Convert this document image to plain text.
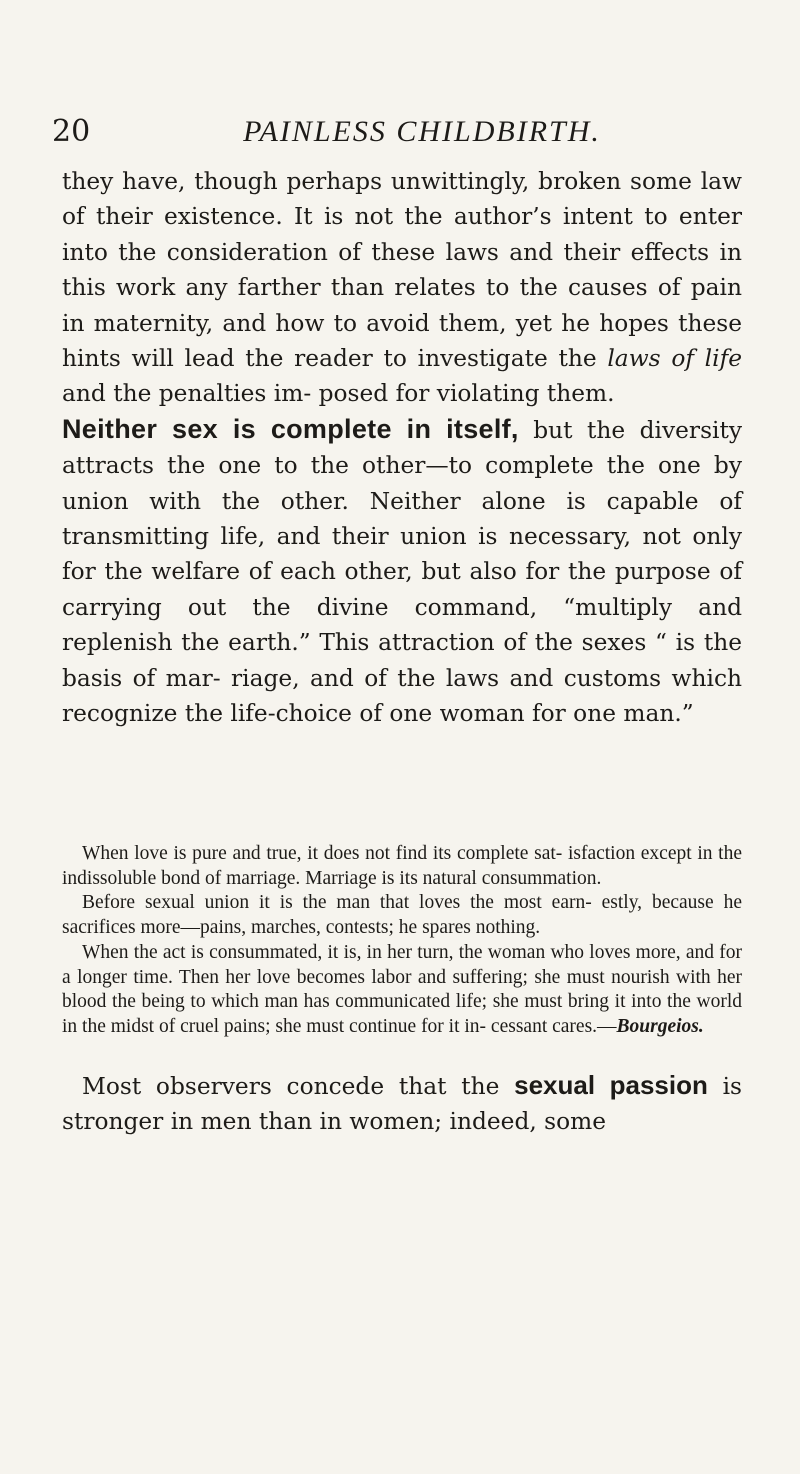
20	PAINLESS CHILDBIRTH.

they have, though perhaps unwittingly, broken some law of their existence. It is not the author’s intent to enter into the consideration of these laws and their effects in this work any farther than relates to the causes of pain in maternity, and how to avoid them, yet he hopes these hints will lead the reader to investigate the laws of life and the penalties im- posed for violating them.

Neither sex is complete in itself, but the diversity attracts the one to the other—to complete the one by union with the other. Neither alone is capable of transmitting life, and their union is necessary, not only for the welfare of each other, but also for the purpose of carrying out the divine command, “multiply and replenish the earth.” This attraction of the sexes “ is the basis of mar- riage, and of the laws and customs which recognize the life-choice of one woman for one man.”

When love is pure and true, it does not find its complete sat- isfaction except in the indissoluble bond of marriage. Marriage is its natural consummation.

Before sexual union it is the man that loves the most earn- estly, because he sacrifices more—pains, marches, contests; he spares nothing.

When the act is consummated, it is, in her turn, the woman who loves more, and for a longer time. Then her love becomes labor and suffering; she must nourish with her blood the being to which man has communicated life; she must bring it into the world in the midst of cruel pains; she must continue for it in- cessant cares.—Bourgeios.

Most observers concede that the sexual passion is stronger in men than in women; indeed, some
